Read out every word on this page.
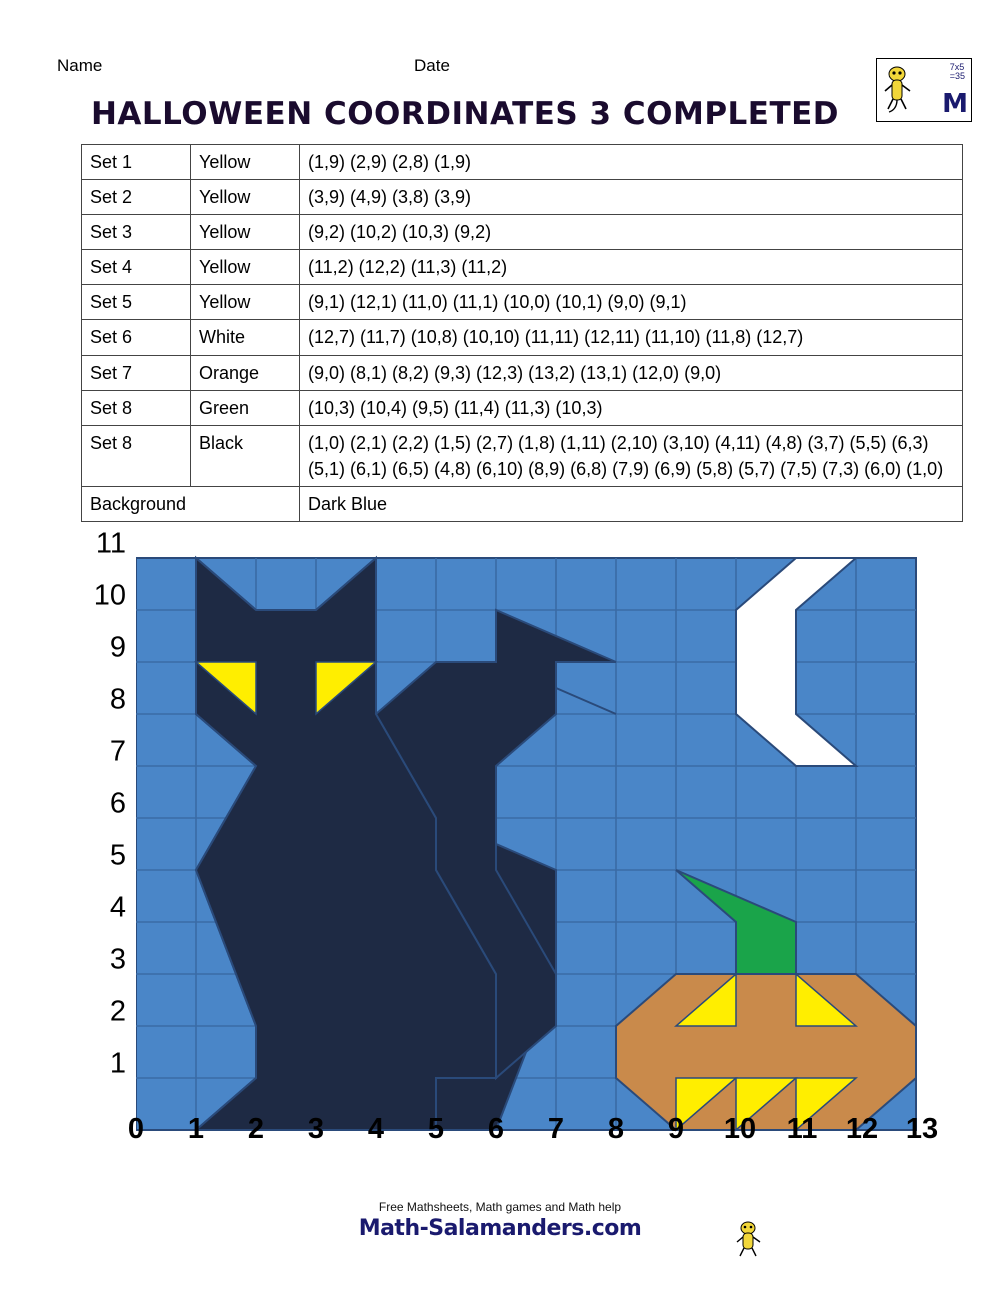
Name	Date	7x5
=35
M
HALLOWEEN COORDINATES 3 COMPLETED
Set 1	Yellow	(1,9) (2,9) (2,8) (1,9)
Set 2	Yellow	(3,9) (4,9) (3,8) (3,9)
Set 3	Yellow	(9,2) (10,2) (10,3) (9,2)
Set 4	Yellow	(11,2) (12,2) (11,3) (11,2)
Set 5	Yellow	(9,1) (12,1) (11,0) (11,1) (10,0) (10,1) (9,0) (9,1)
Set 6	White	(12,7) (11,7) (10,8) (10,10) (11,11) (12,11) (11,10) (11,8) (12,7)
Set 7	Orange	(9,0) (8,1) (8,2) (9,3) (12,3) (13,2) (13,1) (12,0) (9,0)
Set 8	Green	(10,3) (10,4) (9,5) (11,4) (11,3) (10,3)
Set 8	Black	(1,0) (2,1) (2,2) (1,5) (2,7) (1,8) (1,11) (2,10) (3,10) (4,11) (4,8) (3,7) (5,5) (6,3) (5,1) (6,1) (6,5) (4,8) (6,10) (8,9) (6,8) (7,9) (6,9) (5,8) (5,7) (7,5) (7,3) (6,0) (1,0)
Background		Dark Blue
11
10
9
8
7
6
5
4
3
2
1
0 1 2 3 4 5 6 7 8 9 10 11 12 13
Free Mathsheets, Math games and Math help
Math-Salamanders.com
